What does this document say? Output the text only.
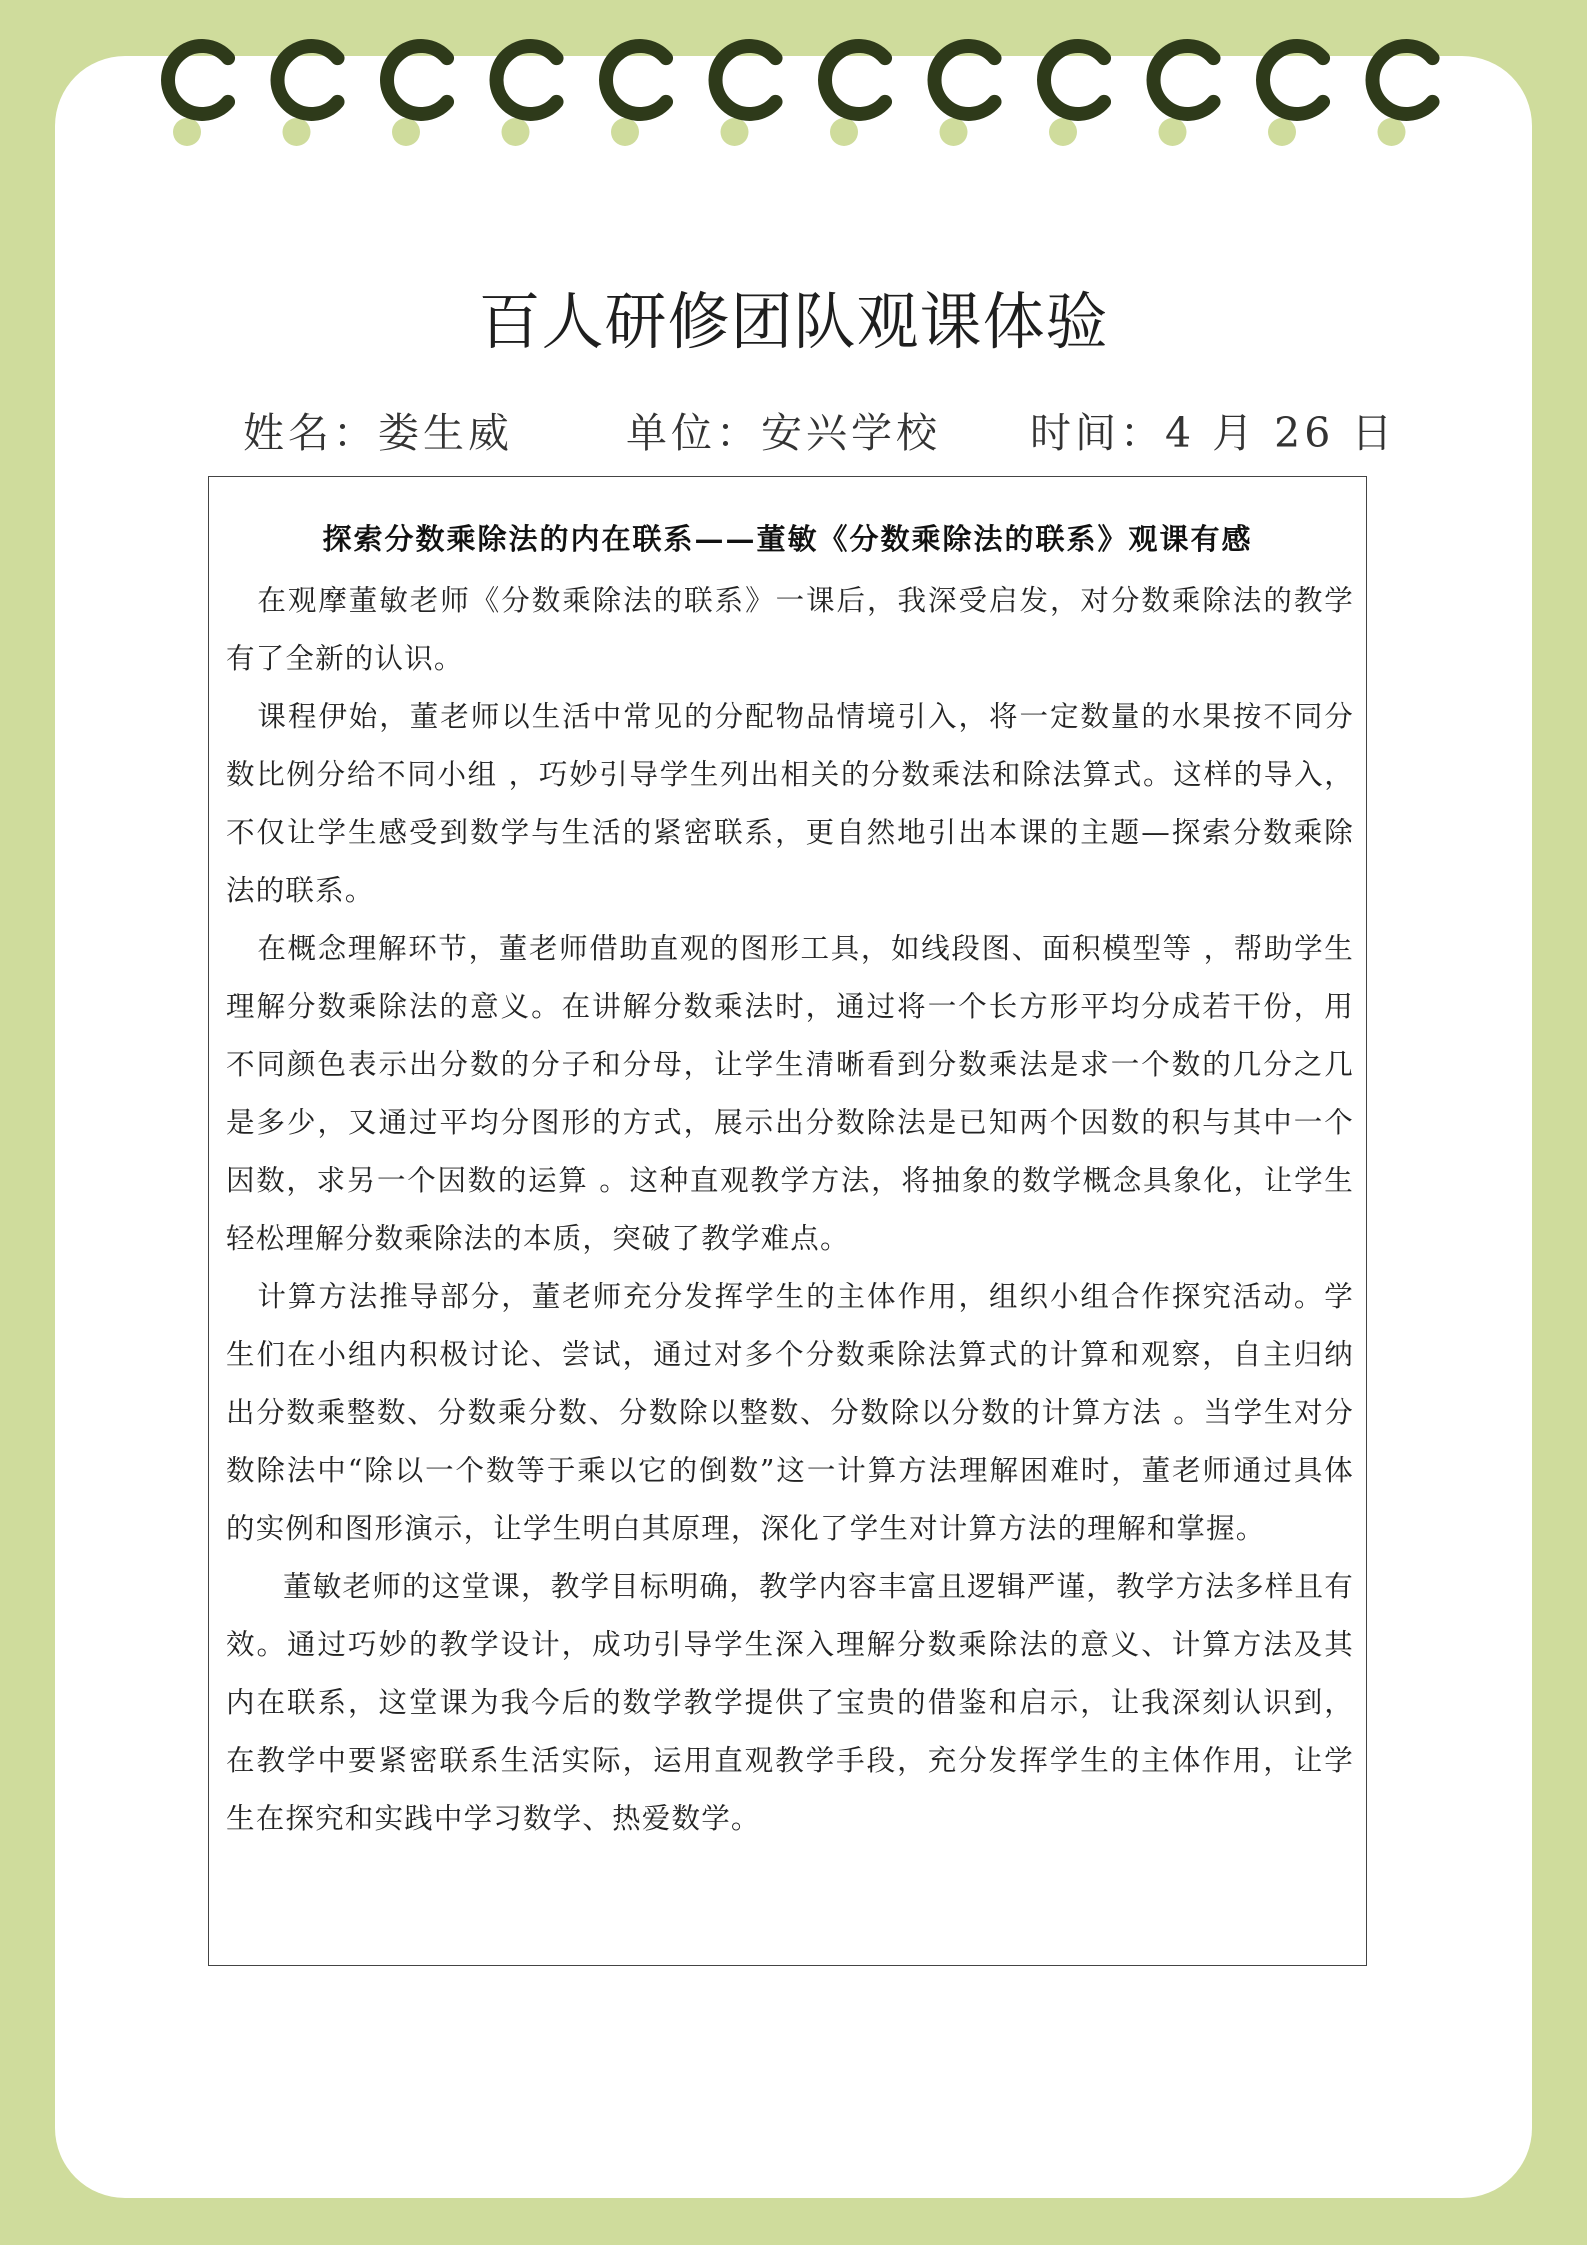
百人研修团队观课体验
姓名：娄生威	单位：安兴学校 时间：4 月 26 日
探索分数乘除法的内在联系——董敏《分数乘除法的联系》观课有感

在观摩董敏老师《分数乘除法的联系》一课后，我深受启发，对分数乘除法的教学有了全新的认识。

课程伊始，董老师以生活中常见的分配物品情境引入，将一定数量的水果按不同分数比例分给不同小组 ，巧妙引导学生列出相关的分数乘法和除法算式。这样的导入，不仅让学生感受到数学与生活的紧密联系，更自然地引出本课的主题—探索分数乘除法的联系。

在概念理解环节，董老师借助直观的图形工具，如线段图、面积模型等 ，帮助学生理解分数乘除法的意义。在讲解分数乘法时，通过将一个长方形平均分成若干份，用不同颜色表示出分数的分子和分母，让学生清晰看到分数乘法是求一个数的几分之几是多少，又通过平均分图形的方式，展示出分数除法是已知两个因数的积与其中一个因数，求另一个因数的运算 。这种直观教学方法，将抽象的数学概念具象化，让学生轻松理解分数乘除法的本质，突破了教学难点。

计算方法推导部分，董老师充分发挥学生的主体作用，组织小组合作探究活动。学生们在小组内积极讨论、尝试，通过对多个分数乘除法算式的计算和观察，自主归纳出分数乘整数、分数乘分数、分数除以整数、分数除以分数的计算方法 。当学生对分数除法中“除以一个数等于乘以它的倒数”这一计算方法理解困难时，董老师通过具体的实例和图形演示，让学生明白其原理，深化了学生对计算方法的理解和掌握。

董敏老师的这堂课，教学目标明确，教学内容丰富且逻辑严谨，教学方法多样且有效。通过巧妙的教学设计，成功引导学生深入理解分数乘除法的意义、计算方法及其内在联系，这堂课为我今后的数学教学提供了宝贵的借鉴和启示，让我深刻认识到，在教学中要紧密联系生活实际，运用直观教学手段，充分发挥学生的主体作用，让学生在探究和实践中学习数学、热爱数学。
